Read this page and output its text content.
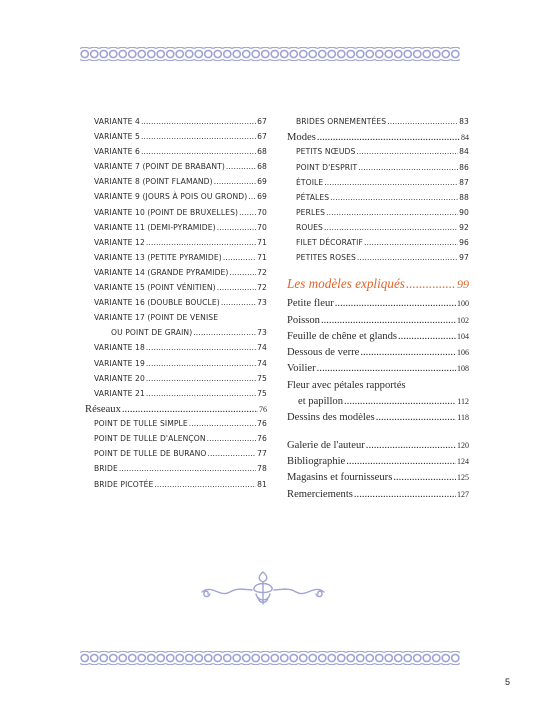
VARIANTE 4 .....	67
VARIANTE 5 .....	67
VARIANTE 6 .....	68
VARIANTE 7 (POINT DE BRABANT) .....	68
VARIANTE 8 (POINT FLAMAND) .....	69
VARIANTE 9 (JOURS À POIS OU GROND) ..... 69
VARIANTE 10 (POINT DE BRUXELLES) .....	70
VARIANTE 11 (DEMI-PYRAMIDE) .....	70
VARIANTE 12 .....	71
VARIANTE 13 (PETITE PYRAMIDE) .....	71
VARIANTE 14 (GRANDE PYRAMIDE) .....	72
VARIANTE 15 (POINT VÉNITIEN) .....	72
VARIANTE 16 (DOUBLE BOUCLE) .....	73
VARIANTE 17 (POINT DE VENISE
OU POINT DE GRAIN) .....	73
VARIANTE 18 .....	74
VARIANTE 19 .....	74
VARIANTE 20 .....	75
VARIANTE 21 .....	75
Réseaux .....	76
POINT DE TULLE SIMPLE .....	76
POINT DE TULLE D'ALENÇON .....	76
POINT DE TULLE DE BURANO .....	77
BRIDE .....	78
BRIDE PICOTÉE .....	81
BRIDES ORNEMENTÉES .....	83
Modes .....	84
PETITS NŒUDS .....	84
POINT D'ESPRIT .....	86
ÉTOILE .....	87
PÉTALES .....	88
PERLES .....	90
ROUES .....	92
FILET DÉCORATIF .....	96
PETITES ROSES .....	97
Les modèles expliqués .....	99
Petite fleur .....	100
Poisson .....	102
Feuille de chêne et glands .....	104
Dessous de verre .....	106
Voilier .....	108
Fleur avec pétales rapportés
et papillon .....	112
Dessins des modèles .....	118
Galerie de l'auteur .....	120
Bibliographie .....	124
Magasins et fournisseurs .....	125
Remerciements .....	127
5
